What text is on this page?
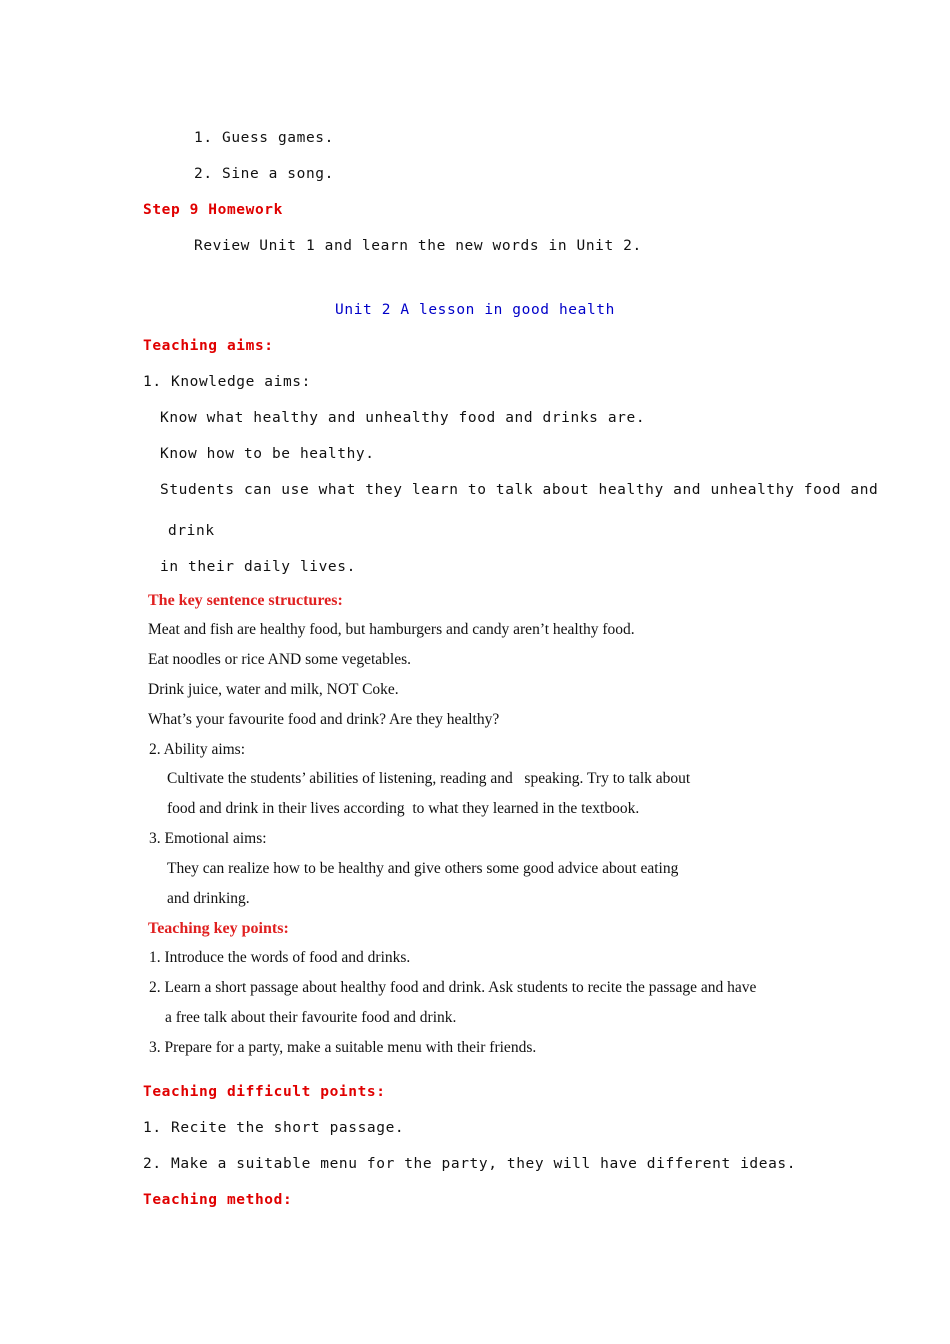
1. Guess games.
2. Sine a song.
Step 9 Homework
Review Unit 1 and learn the new words in Unit 2.
Unit 2 A lesson in good health
Teaching aims:
1. Knowledge aims:
Know what healthy and unhealthy food and drinks are.
Know how to be healthy.
Students can use what they learn to talk about healthy and unhealthy food and
drink
in their daily lives.
The key sentence structures:
Meat and fish are healthy food, but hamburgers and candy aren’t healthy food.
Eat noodles or rice AND some vegetables.
Drink juice, water and milk, NOT Coke.
What’s your favourite food and drink? Are they healthy?
2. Ability aims:
Cultivate the students’ abilities of listening, reading and   speaking. Try to talk about
food and drink in their lives according  to what they learned in the textbook.
3. Emotional aims:
They can realize how to be healthy and give others some good advice about eating
and drinking.
Teaching key points:
1. Introduce the words of food and drinks.
2. Learn a short passage about healthy food and drink. Ask students to recite the passage and have
a free talk about their favourite food and drink.
3. Prepare for a party, make a suitable menu with their friends.
Teaching difficult points:
1. Recite the short passage.
2. Make a suitable menu for the party, they will have different ideas.
Teaching method:
